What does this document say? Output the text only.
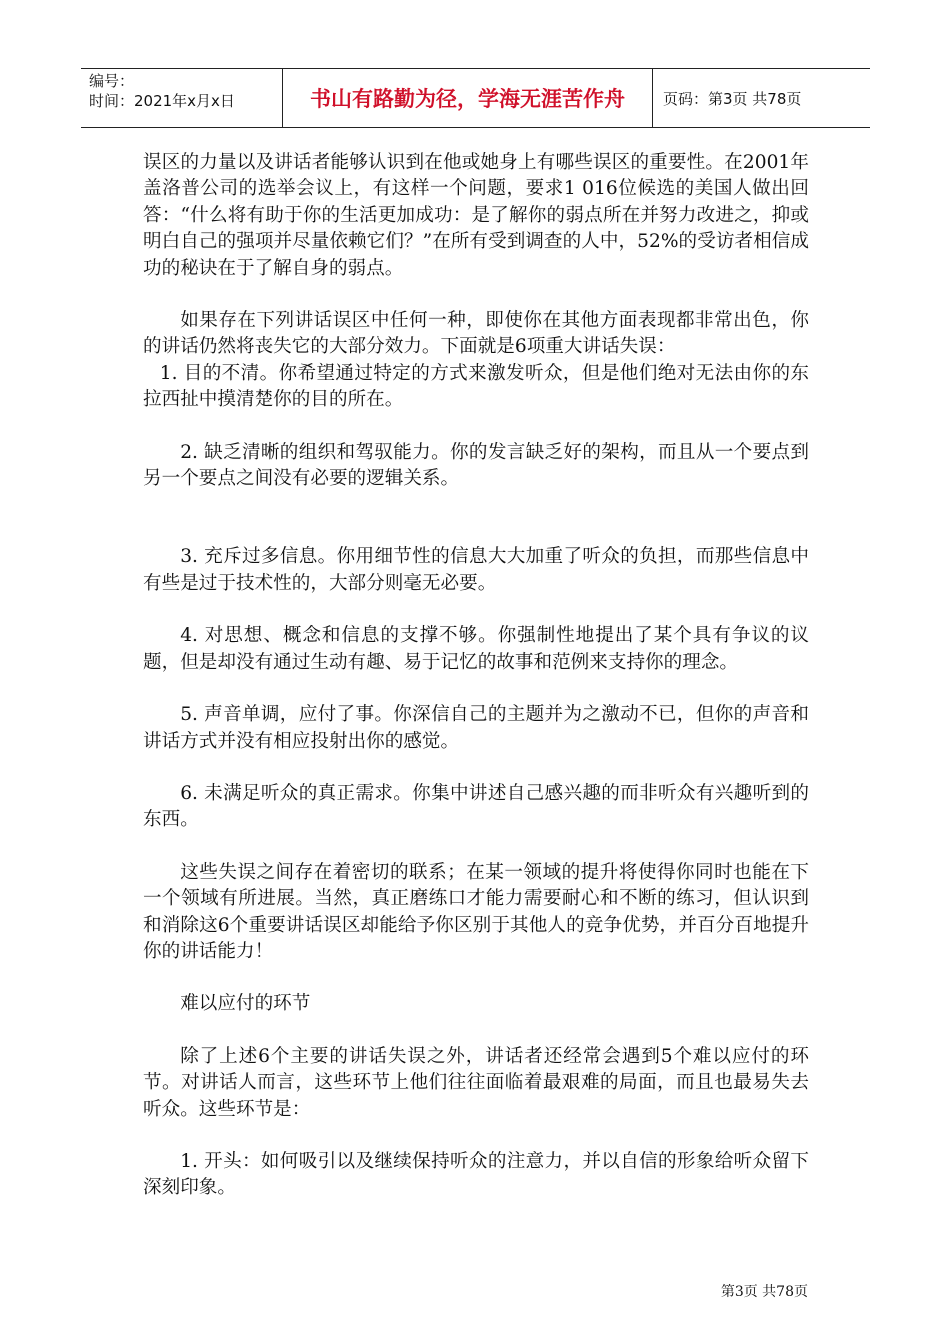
编号：
时间：2021年x月x日	书山有路勤为径，学海无涯苦作舟	页码：第3页 共78页

误区的力量以及讲话者能够认识到在他或她身上有哪些误区的重要性。在2001年盖洛普公司的选举会议上，有这样一个问题，要求1 016位候选的美国人做出回答：“什么将有助于你的生活更加成功：是了解你的弱点所在并努力改进之，抑或明白自己的强项并尽量依赖它们？”在所有受到调查的人中，52%的受访者相信成功的秘诀在于了解自身的弱点。

如果存在下列讲话误区中任何一种，即使你在其他方面表现都非常出色，你的讲话仍然将丧失它的大部分效力。下面就是6项重大讲话失误：

1. 目的不清。你希望通过特定的方式来激发听众，但是他们绝对无法由你的东拉西扯中摸清楚你的目的所在。

2. 缺乏清晰的组织和驾驭能力。你的发言缺乏好的架构，而且从一个要点到另一个要点之间没有必要的逻辑关系。

3. 充斥过多信息。你用细节性的信息大大加重了听众的负担，而那些信息中有些是过于技术性的，大部分则毫无必要。

4. 对思想、概念和信息的支撑不够。你强制性地提出了某个具有争议的议题，但是却没有通过生动有趣、易于记忆的故事和范例来支持你的理念。

5. 声音单调，应付了事。你深信自己的主题并为之激动不已，但你的声音和讲话方式并没有相应投射出你的感觉。

6. 未满足听众的真正需求。你集中讲述自己感兴趣的而非听众有兴趣听到的东西。

这些失误之间存在着密切的联系；在某一领域的提升将使得你同时也能在下一个领域有所进展。当然，真正磨练口才能力需要耐心和不断的练习，但认识到和消除这6个重要讲话误区却能给予你区别于其他人的竞争优势，并百分百地提升你的讲话能力！

难以应付的环节

除了上述6个主要的讲话失误之外，讲话者还经常会遇到5个难以应付的环节。对讲话人而言，这些环节上他们往往面临着最艰难的局面，而且也最易失去听众。这些环节是：

1. 开头：如何吸引以及继续保持听众的注意力，并以自信的形象给听众留下深刻印象。

第3页 共78页
